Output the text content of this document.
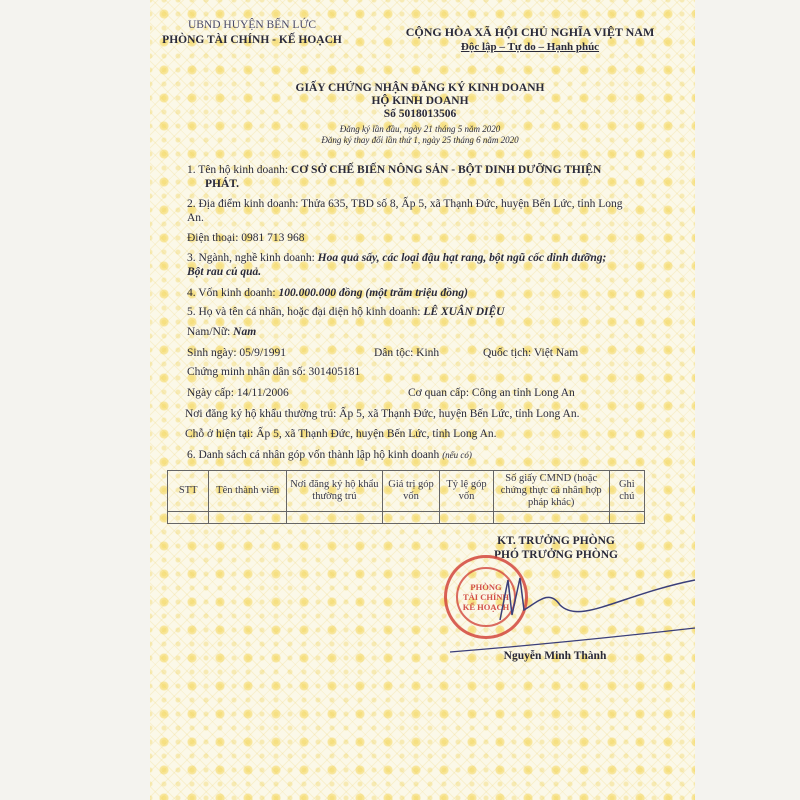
UBND HUYỆN BẾN LỨC
PHÒNG TÀI CHÍNH - KẾ HOẠCH
CỘNG HÒA XÃ HỘI CHỦ NGHĨA VIỆT NAM
Độc lập – Tự do – Hạnh phúc
GIẤY CHỨNG NHẬN ĐĂNG KÝ KINH DOANH
HỘ KINH DOANH
Số 5018013506
Đăng ký lần đầu, ngày 21 tháng 5 năm 2020
Đăng ký thay đổi lần thứ 1, ngày 25 tháng 6 năm 2020
1. Tên hộ kinh doanh: CƠ SỞ CHẾ BIẾN NÔNG SẢN - BỘT DINH DƯỠNG THIỆN
PHÁT.
2. Địa điểm kinh doanh: Thửa 635, TBD số 8, Ấp 5, xã Thạnh Đức, huyện Bến Lức, tỉnh Long
An.
Điện thoại: 0981 713 968
3. Ngành, nghề kinh doanh: Hoa quả sấy, các loại đậu hạt rang, bột ngũ cốc dinh dưỡng;
Bột rau củ quả.
4. Vốn kinh doanh: 100.000.000 đồng (một trăm triệu đồng)
5. Họ và tên cá nhân, hoặc đại diện hộ kinh doanh: LÊ XUÂN DIỆU
Nam/Nữ: Nam
Sinh ngày: 05/9/1991	Dân tộc: Kinh	Quốc tịch: Việt Nam
Chứng minh nhân dân số: 301405181
Ngày cấp: 14/11/2006	Cơ quan cấp: Công an tỉnh Long An
Nơi đăng ký hộ khẩu thường trú: Ấp 5, xã Thạnh Đức, huyện Bến Lức, tỉnh Long An.
Chỗ ở hiện tại: Ấp 5, xã Thạnh Đức, huyện Bến Lức, tỉnh Long An.
6. Danh sách cá nhân góp vốn thành lập hộ kinh doanh (nếu có)
STT	Tên thành viên	Nơi đăng ký hộ khẩu thường trú	Giá trị góp vốn	Tỷ lệ góp vốn	Số giấy CMND (hoặc chứng thực cá nhân hợp pháp khác)	Ghi chú

KT. TRƯỞNG PHÒNG
PHÓ TRƯỞNG PHÒNG
PHÒNG
TÀI CHÍNH
KẾ HOẠCH
Nguyễn Minh Thành
